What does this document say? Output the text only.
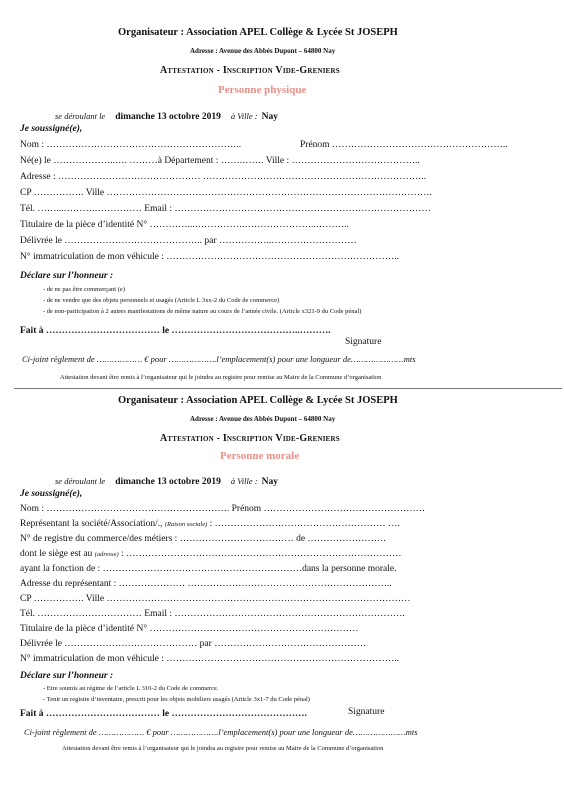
Organisateur : Association APEL Collège & Lycée St JOSEPH
Adresse : Avenue des Abbés Dupont – 64800 Nay
Attestation - Inscription Vide-Greniers
Personne physique
se déroulant le dimanche 13 octobre 2019 à Ville : Nay
Je soussigné(e),
Nom : ……………………………………………………..	Prénom ………………………………………………..
Né(e) le ………………..…. ………à Département : …….……. Ville : …………………………………..
Adresse : ……………………………………… ……………………………………………………………..
CP ……………. Ville ………………………………………………………………………………………….
Tél. ……...……….…………… Email : ………………………………………………………………………
Titulaire de la pièce d’identité N° …………...…………….…………………..………..
Délivrée le …………………………………….. par ……………..………………………
N° immatriculation de mon véhicule : ………………………………………………………………..
Déclare sur l’honneur :
- de ne pas être commerçant (e)
- de ne vendre que des objets personnels et usagés (Article L 3xx-2 du Code de commerce)
- de non-participation à 2 autres manifestations de même nature au cours de l’année civile. (Article x321-9 du Code pénal)
Fait à ……………………………… le …………………………………..……….
Signature
Ci-joint règlement de ……………… € pour ……………….l’emplacement(s) pour une longueur de…………………mts
Attestation devant être remis à l’organisateur qui le joindra au registre pour remise au Maire de la Commune d’organisation
Organisateur : Association APEL Collège & Lycée St JOSEPH
Adresse : Avenue des Abbés Dupont – 64800 Nay
Attestation - Inscription Vide-Greniers
Personne morale
se déroulant le dimanche 13 octobre 2019 à Ville : Nay
Je soussigné(e),
Nom : …………………………………………………. Prénom ……………………………………………
Représentant la société/Association/., (Raison sociale) : ……………………………………………… ….
N° de registre du commerce/des métiers : ……………………………… de …………………….
dont le siège est au (adresse) : ……………………………………………………………………………
ayant la fonction de : ………………………………………………………dans la personne morale.
Adresse du représentant : ………………… ………………………………………………………..
CP ……………. Ville ……………………………………………………………………………………
Tél. …………………………… Email : ……………………………………………………………….
Titulaire de la pièce d’identité N° …………………………………………………………
Délivrée le …………………………………… par …………………………………………
N° immatriculation de mon véhicule : ………………………………………………………………..
Déclare sur l’honneur :
- Etre soumis au régime de l’article L 310-2 du Code de commerce.
- Tenir un registre d’inventaire, prescrit pour les objets mobiliers usagés (Article 3x1-7 du Code pénal)
Fait à ……………………………… le …………………………………….	Signature
Ci-joint règlement de ……………… € pour ……………….l’emplacement(s) pour une longueur de…………………mts
Attestation devant être remis à l’organisateur qui le joindra au registre pour remise au Maire de la Commune d’organisation
